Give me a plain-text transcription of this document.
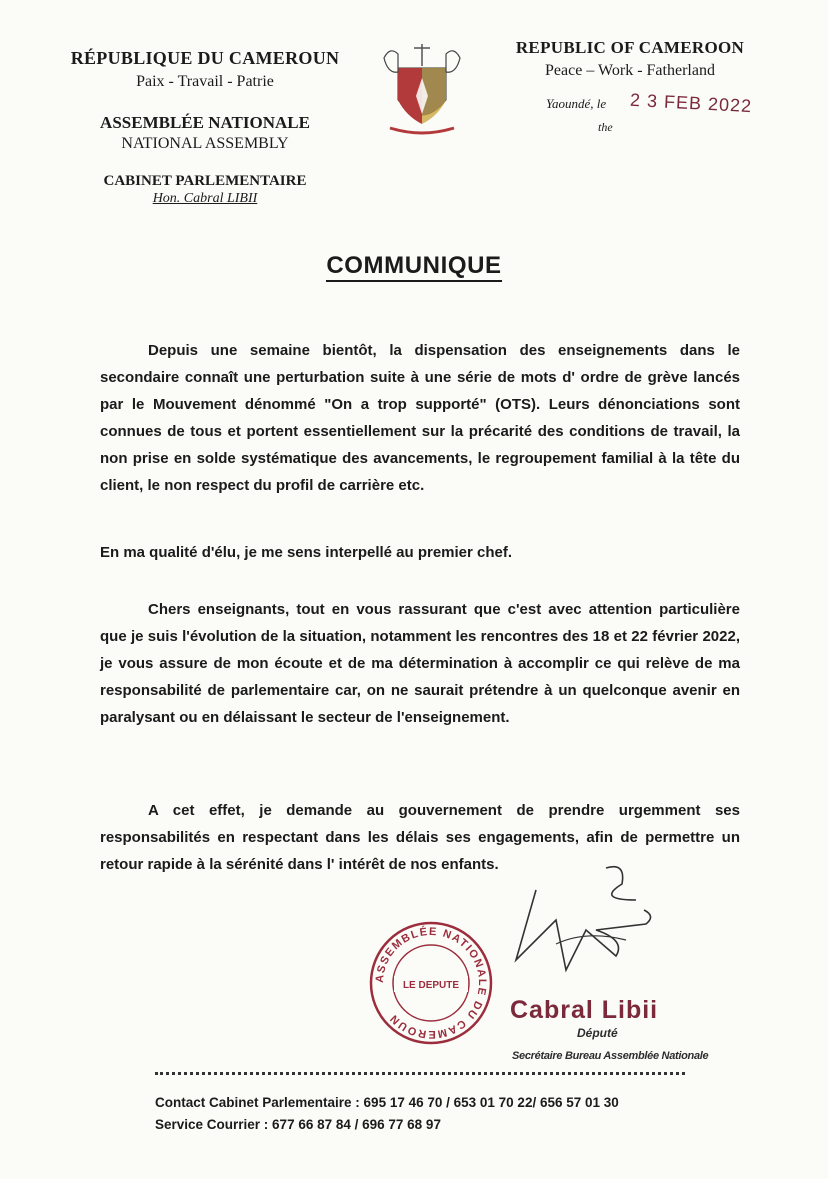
RÉPUBLIQUE DU CAMEROUN
Paix - Travail - Patrie
ASSEMBLÉE NATIONALE
NATIONAL ASSEMBLY
CABINET PARLEMENTAIRE
Hon. Cabral LIBII
REPUBLIC OF CAMEROON
Peace – Work - Fatherland
Yaoundé, le
the
2 3 FEB 2022
COMMUNIQUE

Depuis une semaine bientôt, la dispensation des enseignements dans le secondaire connaît une perturbation suite à une série de mots d' ordre de grève lancés par le Mouvement dénommé "On a trop supporté" (OTS). Leurs dénonciations sont connues de tous et portent essentiellement sur la précarité des conditions de travail, la non prise en solde systématique des avancements, le regroupement familial à la tête du client, le non respect du profil de carrière etc.

En ma qualité d'élu, je me sens interpellé au premier chef.

Chers enseignants, tout en vous rassurant que c'est avec attention particulière que je suis l'évolution de la situation, notamment les rencontres des 18 et 22 février 2022, je vous assure de mon écoute et de ma détermination à accomplir ce qui relève de ma responsabilité de parlementaire car, on ne saurait prétendre à un quelconque avenir en paralysant ou en délaissant le secteur de l'enseignement.

A cet effet, je demande au gouvernement de prendre urgemment ses responsabilités en respectant dans les délais ses engagements, afin de permettre un retour rapide à la sérénité dans l' intérêt de nos enfants.

ASSEMBLÉE NATIONALE DU CAMEROUN
LE DEPUTE
Cabral Libii
Député
Secrétaire Bureau Assemblée Nationale
Contact Cabinet Parlementaire : 695 17 46 70 / 653 01 70 22/ 656 57 01 30
Service Courrier : 677 66 87 84 / 696 77 68 97
